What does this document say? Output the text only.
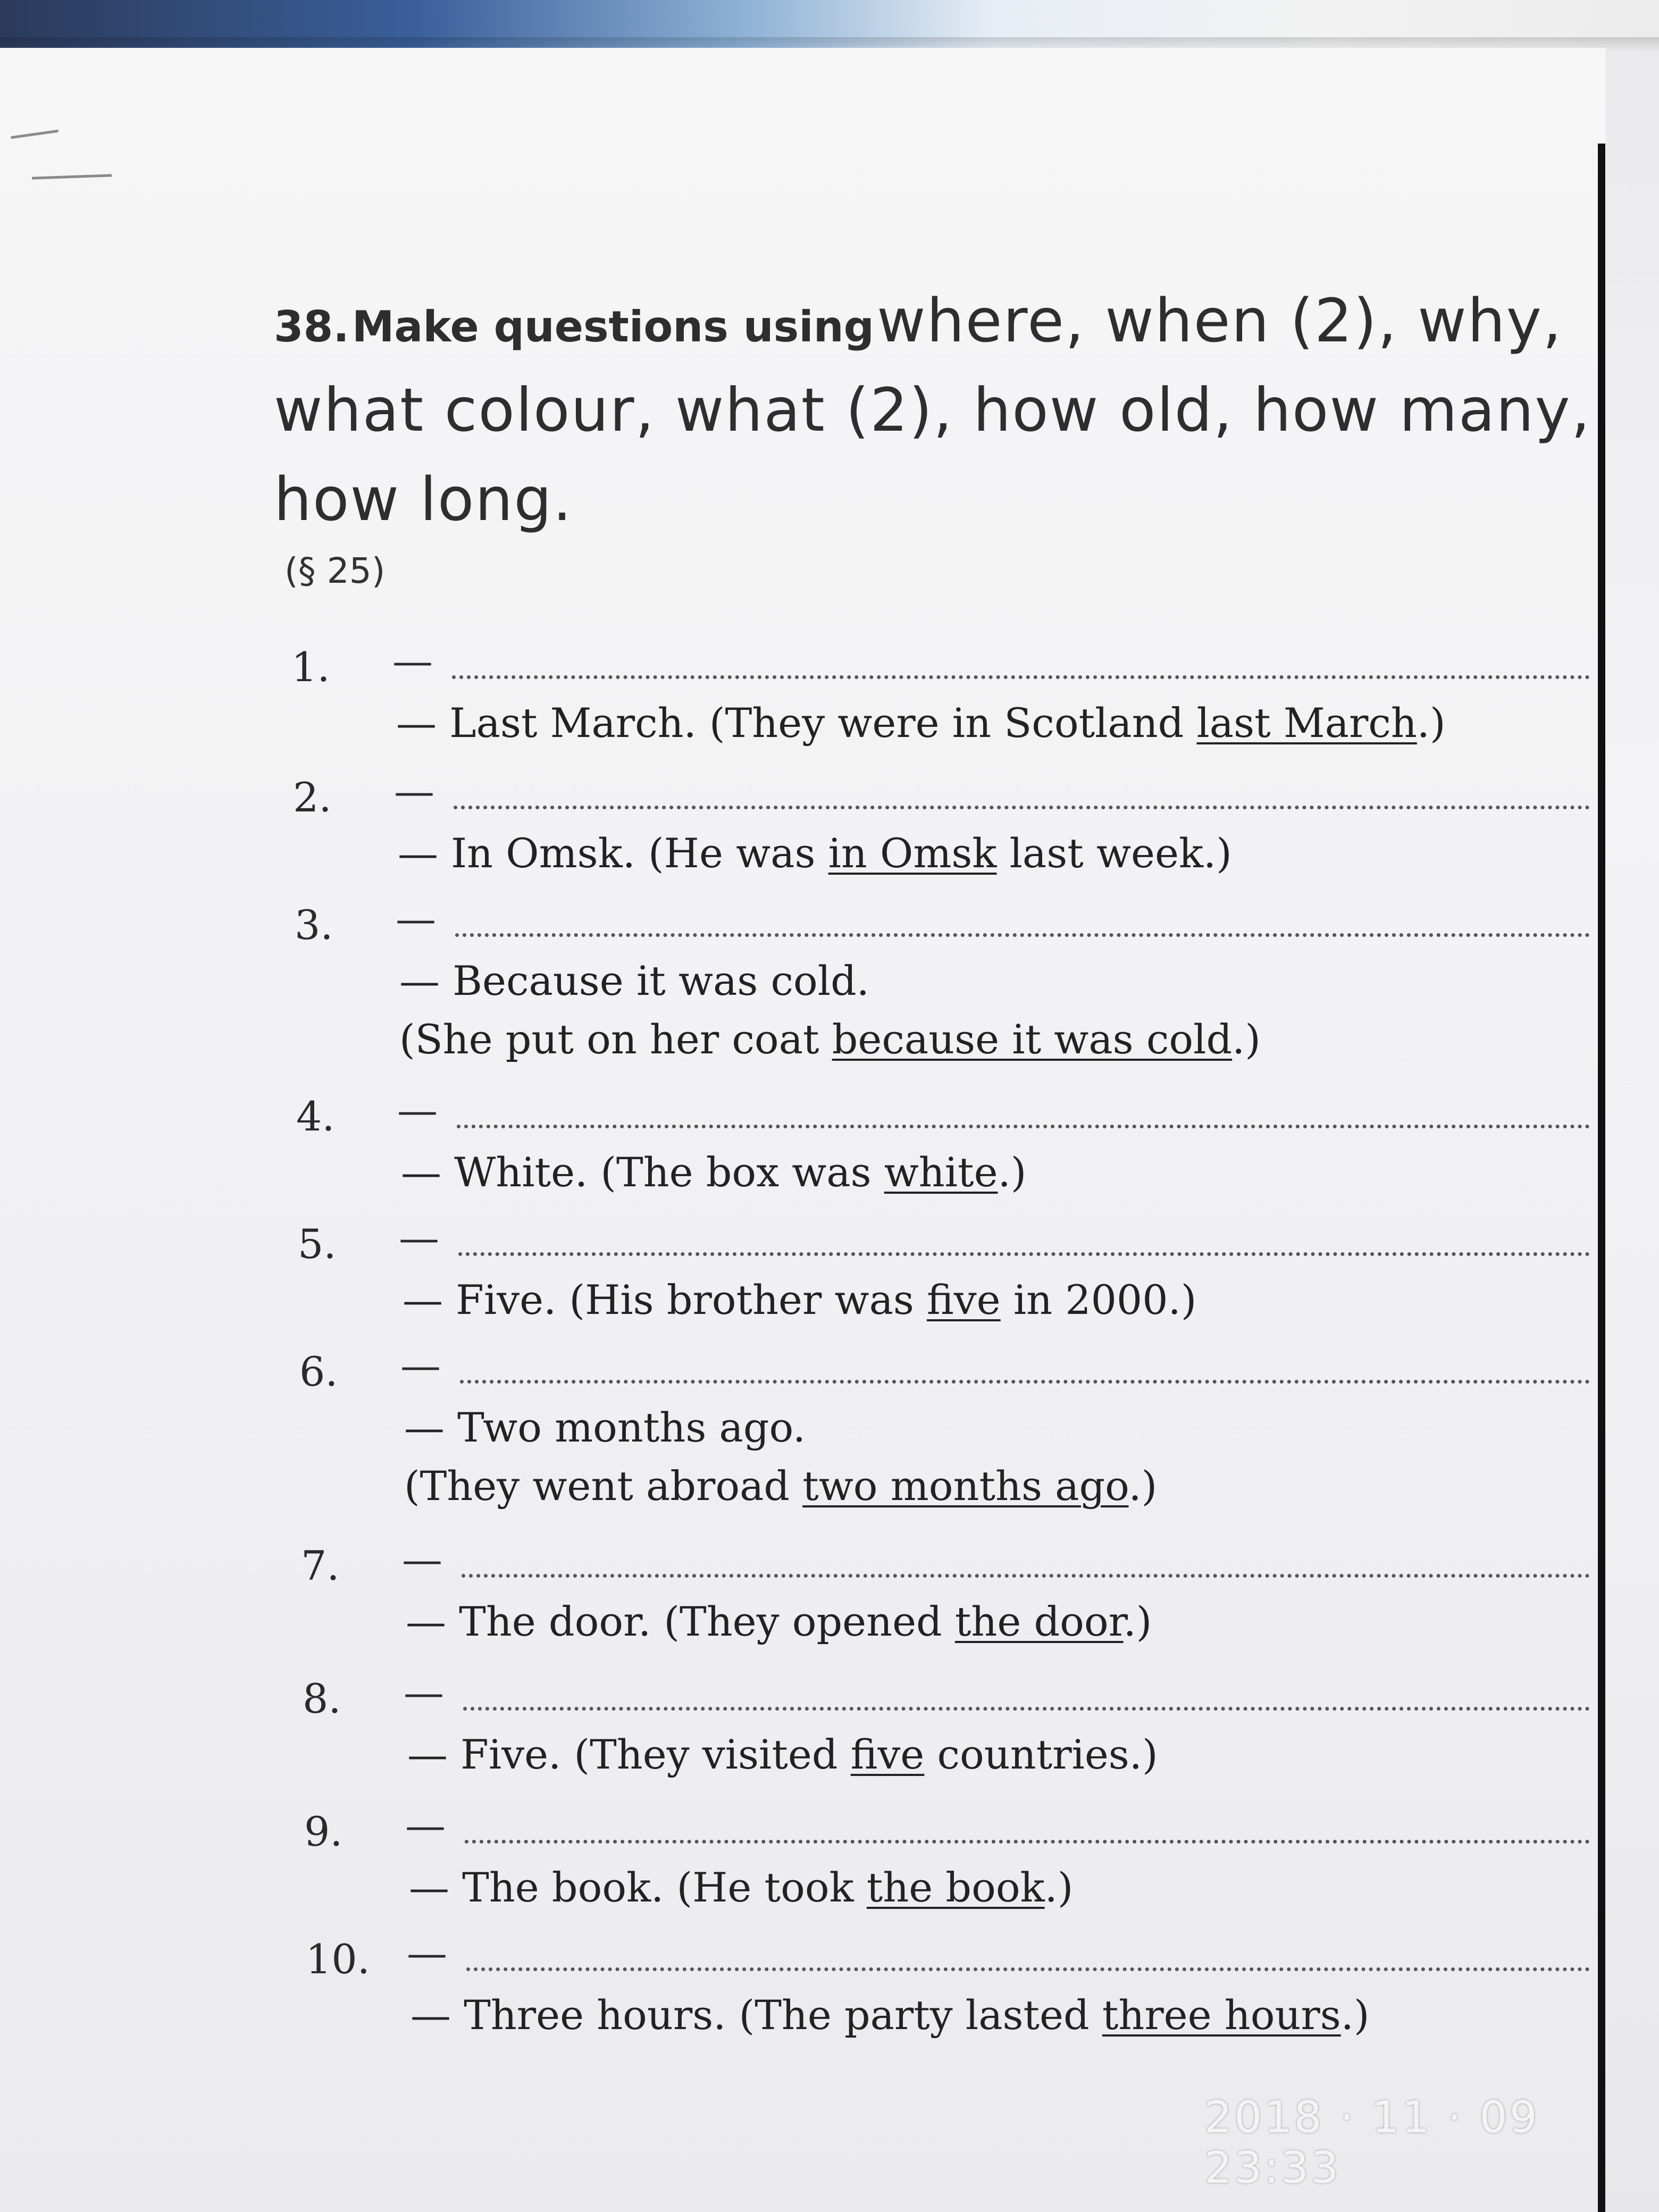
38. Make questions using where, when (2), why, what colour, what (2), how old, how many, how long.
(§ 25)
1.	—
— Last March. (They were in Scotland last March.)
2.	—
— In Omsk. (He was in Omsk last week.)
3.	—
— Because it was cold.
(She put on her coat because it was cold.)
4.	—
— White. (The box was white.)
5.	—
— Five. (His brother was five in 2000.)
6.	—
— Two months ago.
(They went abroad two months ago.)
7.	—
— The door. (They opened the door.)
8.	—
— Five. (They visited five countries.)
9.	—
— The book. (He took the book.)
10. —
— Three hours. (The party lasted three hours.)
2018 · 11 · 09 23:33
